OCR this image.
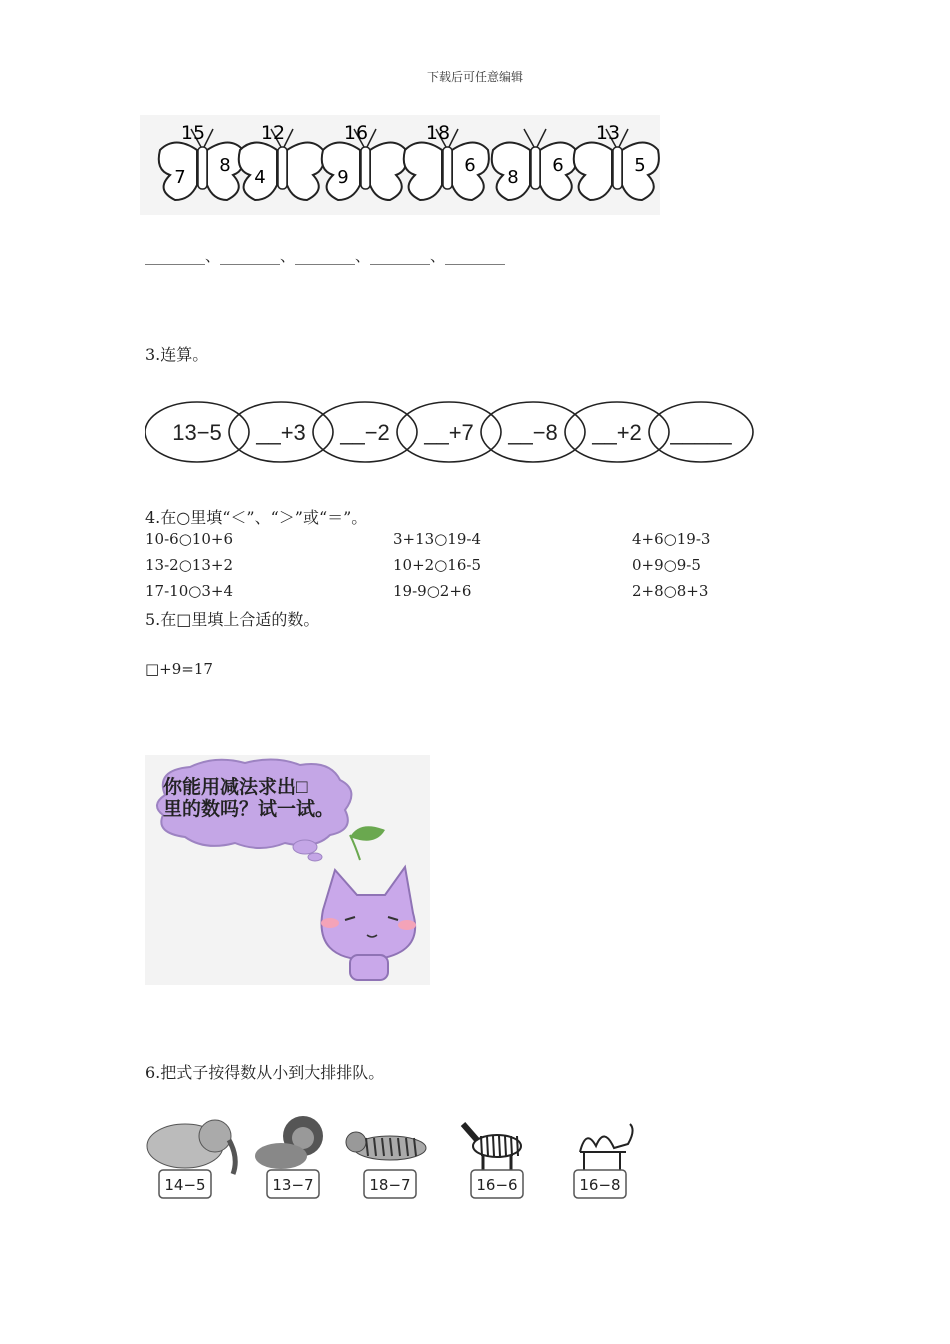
下载后可任意编辑
15
7
8
12
4
16
9
18
6
8
6
13
5
________、________、________、________、________
3.连算。
13−5 __+3 __−2 __+7 __−8 __+2 _____
4.在○里填“＜”、“＞”或“＝”。
10-6○10+6	3+13○19-4	4+6○19-3
13-2○13+2	10+2○16-5	0+9○9-5
17-10○3+4	19-9○2+6	2+8○8+3
5.在□里填上合适的数。
□+9=17
你能用减法求出□
里的数吗？试一试。
6.把式子按得数从小到大排排队。
14−5	13−7	18−7	16−6	16−8
